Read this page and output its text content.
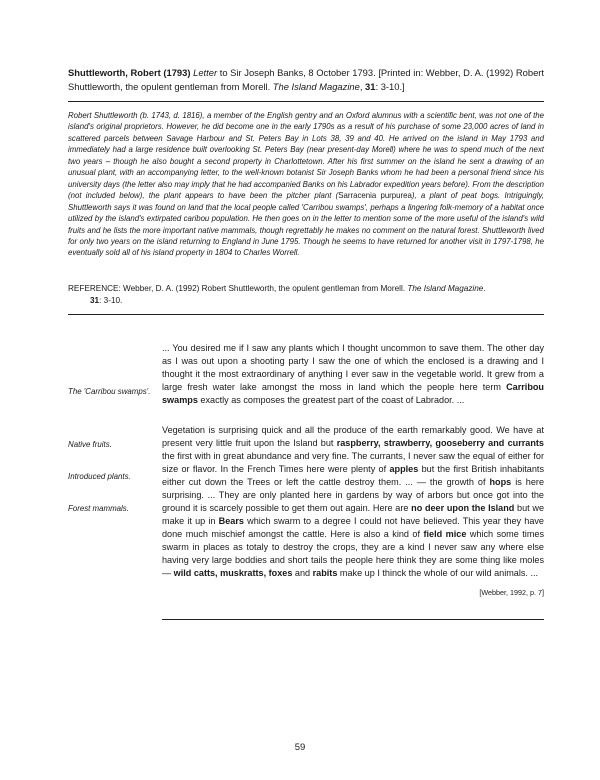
Shuttleworth, Robert (1793) Letter to Sir Joseph Banks, 8 October 1793. [Printed in: Webber, D. A. (1992) Robert Shuttleworth, the opulent gentleman from Morell. The Island Magazine, 31: 3-10.]
Robert Shuttleworth (b. 1743, d. 1816), a member of the English gentry and an Oxford alumnus with a scientific bent, was not one of the island's original proprietors. However, he did become one in the early 1790s as a result of his purchase of some 23,000 acres of land in scattered parcels between Savage Harbour and St. Peters Bay in Lots 38, 39 and 40. He arrived on the island in May 1793 and immediately had a large residence built overlooking St. Peters Bay (near present-day Morell) where he was to spend much of the next two years – though he also bought a second property in Charlottetown. After his first summer on the island he sent a drawing of an unusual plant, with an accompanying letter, to the well-known botanist Sir Joseph Banks whom he had been a personal friend since his university days (the letter also may imply that he had accompanied Banks on his Labrador expedition years before). From the description (not included below), the plant appears to have been the pitcher plant (Sarracenia purpurea), a plant of peat bogs. Intriguingly, Shuttleworth says it was found on land that the local people called 'Carribou swamps', perhaps a lingering folk-memory of a habitat once utilized by the island's extirpated caribou population. He then goes on in the letter to mention some of the more useful of the island's wild fruits and he lists the more important native mammals, though regrettably he makes no comment on the natural forest. Shuttleworth lived for only two years on the island returning to England in June 1795. Though he seems to have returned for another visit in 1797-1798, he eventually sold all of his island property in 1804 to Charles Worrell.
REFERENCE: Webber, D. A. (1992) Robert Shuttleworth, the opulent gentleman from Morell. The Island Magazine.
31: 3-10.
The 'Carribou swamps'.
Native fruits.
Introduced plants.
Forest mammals.
... You desired me if I saw any plants which I thought uncommon to save them. The other day as I was out upon a shooting party I saw the one of which the enclosed is a drawing and I thought it the most extraordinary of anything I ever saw in the vegetable world. It grew from a large fresh water lake amongst the moss in land which the people here term Carribou swamps exactly as composes the greatest part of the coast of Labrador. ...
Vegetation is surprising quick and all the produce of the earth remarkably good. We have at present very little fruit upon the Island but raspberry, strawberry, gooseberry and currants the first with in great abundance and very fine. The currants, I never saw the equal of either for size or flavor. In the French Times here were plenty of apples but the first British inhabitants either cut down the Trees or left the cattle destroy them. ... — the growth of hops is here surprising. ... They are only planted here in gardens by way of arbors but once got into the ground it is scarcely possible to get them out again. Here are no deer upon the Island but we make it up in Bears which swarm to a degree I could not have believed. This year they have done much mischief amongst the cattle. Here is also a kind of field mice which some times swarm in places as totaly to destroy the crops, they are a kind I never saw any where else having very large boddies and short tails the people here think they are some thing like moles — wild catts, muskratts, foxes and rabits make up I thinck the whole of our wild animals. ...
[Webber, 1992, p. 7]
59
